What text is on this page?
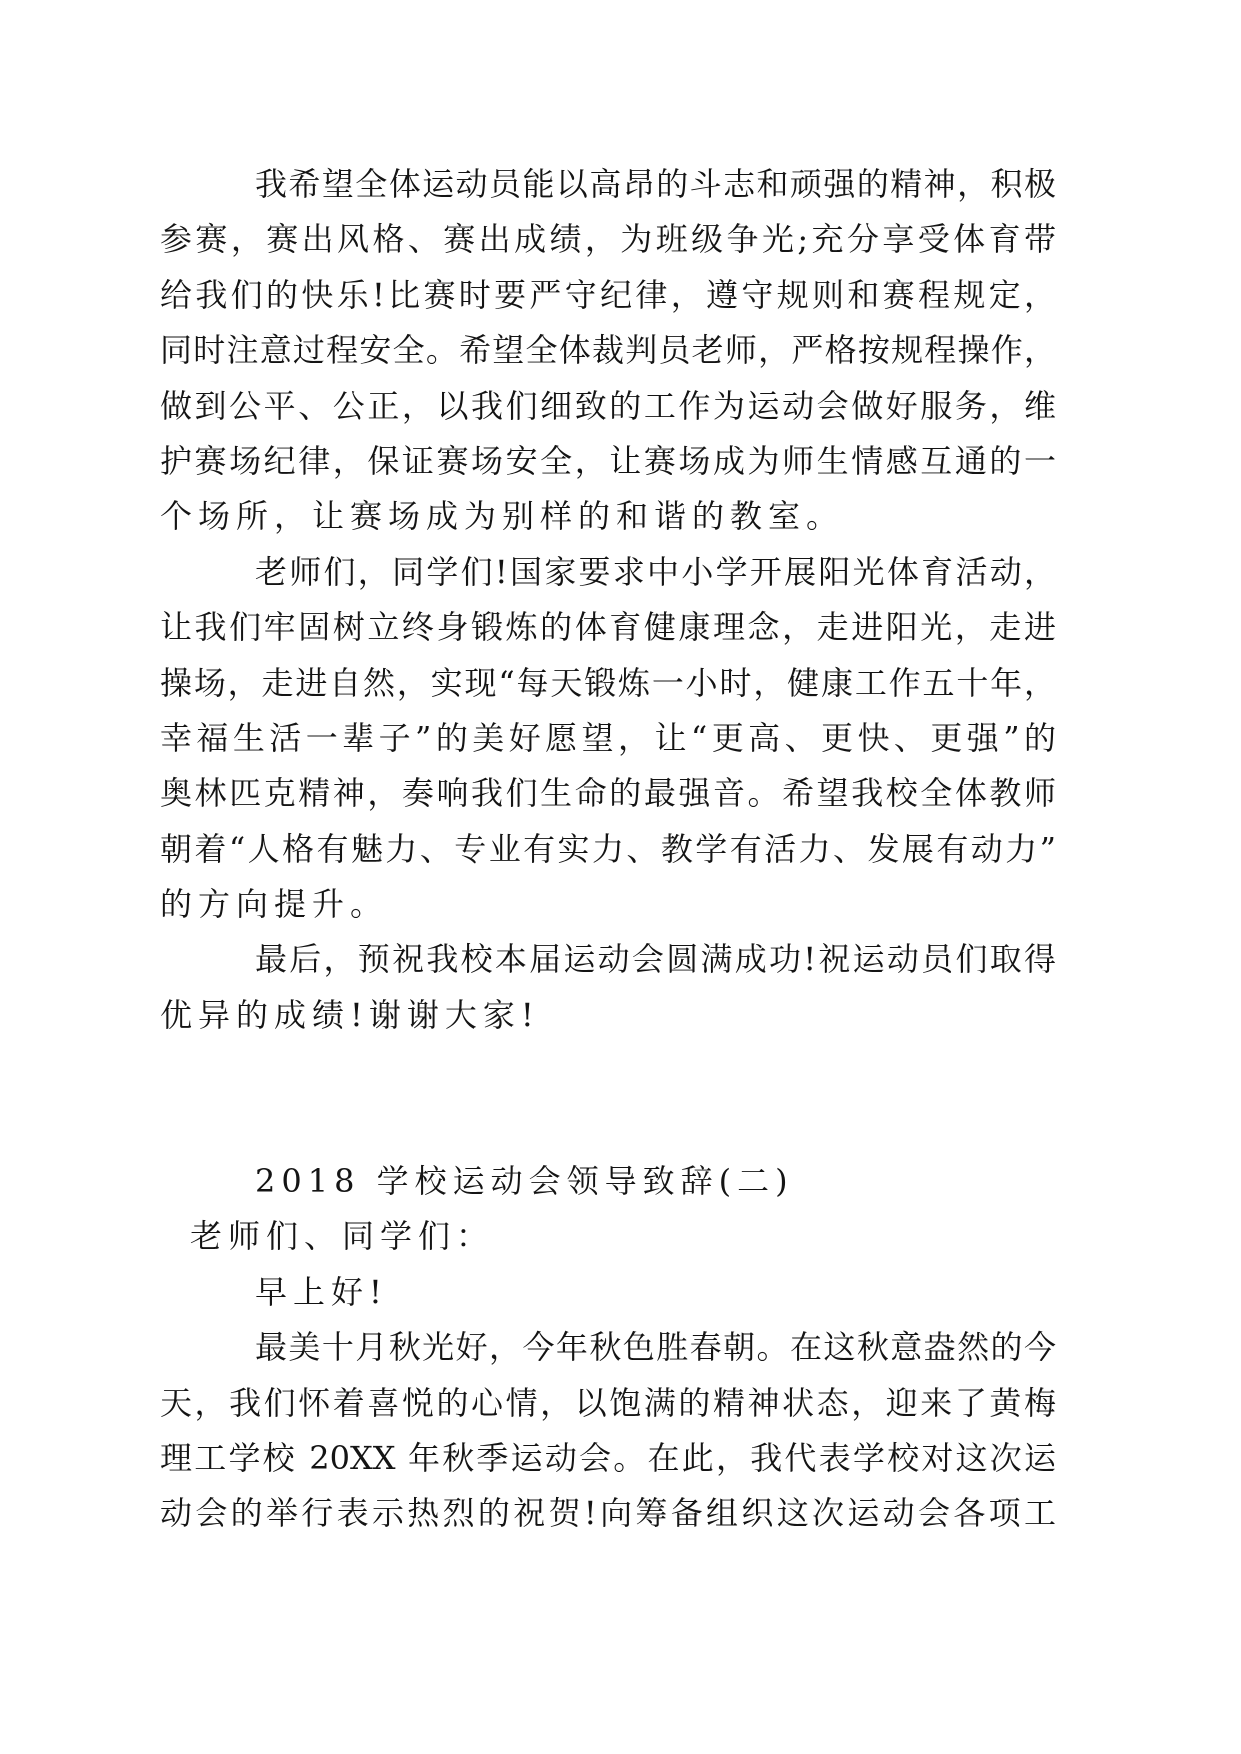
我希望全体运动员能以高昂的斗志和顽强的精神，积极
参赛，赛出风格、赛出成绩，为班级争光;充分享受体育带
给我们的快乐!比赛时要严守纪律，遵守规则和赛程规定，
同时注意过程安全。希望全体裁判员老师，严格按规程操作，
做到公平、公正，以我们细致的工作为运动会做好服务，维
护赛场纪律，保证赛场安全，让赛场成为师生情感互通的一
个场所，让赛场成为别样的和谐的教室。
老师们，同学们!国家要求中小学开展阳光体育活动，
让我们牢固树立终身锻炼的体育健康理念，走进阳光，走进
操场，走进自然，实现“每天锻炼一小时，健康工作五十年，
幸福生活一辈子”的美好愿望，让“更高、更快、更强”的
奥林匹克精神，奏响我们生命的最强音。希望我校全体教师
朝着“人格有魅力、专业有实力、教学有活力、发展有动力”
的方向提升。
最后，预祝我校本届运动会圆满成功!祝运动员们取得
优异的成绩!谢谢大家!
2018 学校运动会领导致辞(二)
老师们、同学们：
早上好!
最美十月秋光好，今年秋色胜春朝。在这秋意盎然的今
天，我们怀着喜悦的心情，以饱满的精神状态，迎来了黄梅
理工学校 20XX 年秋季运动会。在此，我代表学校对这次运
动会的举行表示热烈的祝贺!向筹备组织这次运动会各项工
